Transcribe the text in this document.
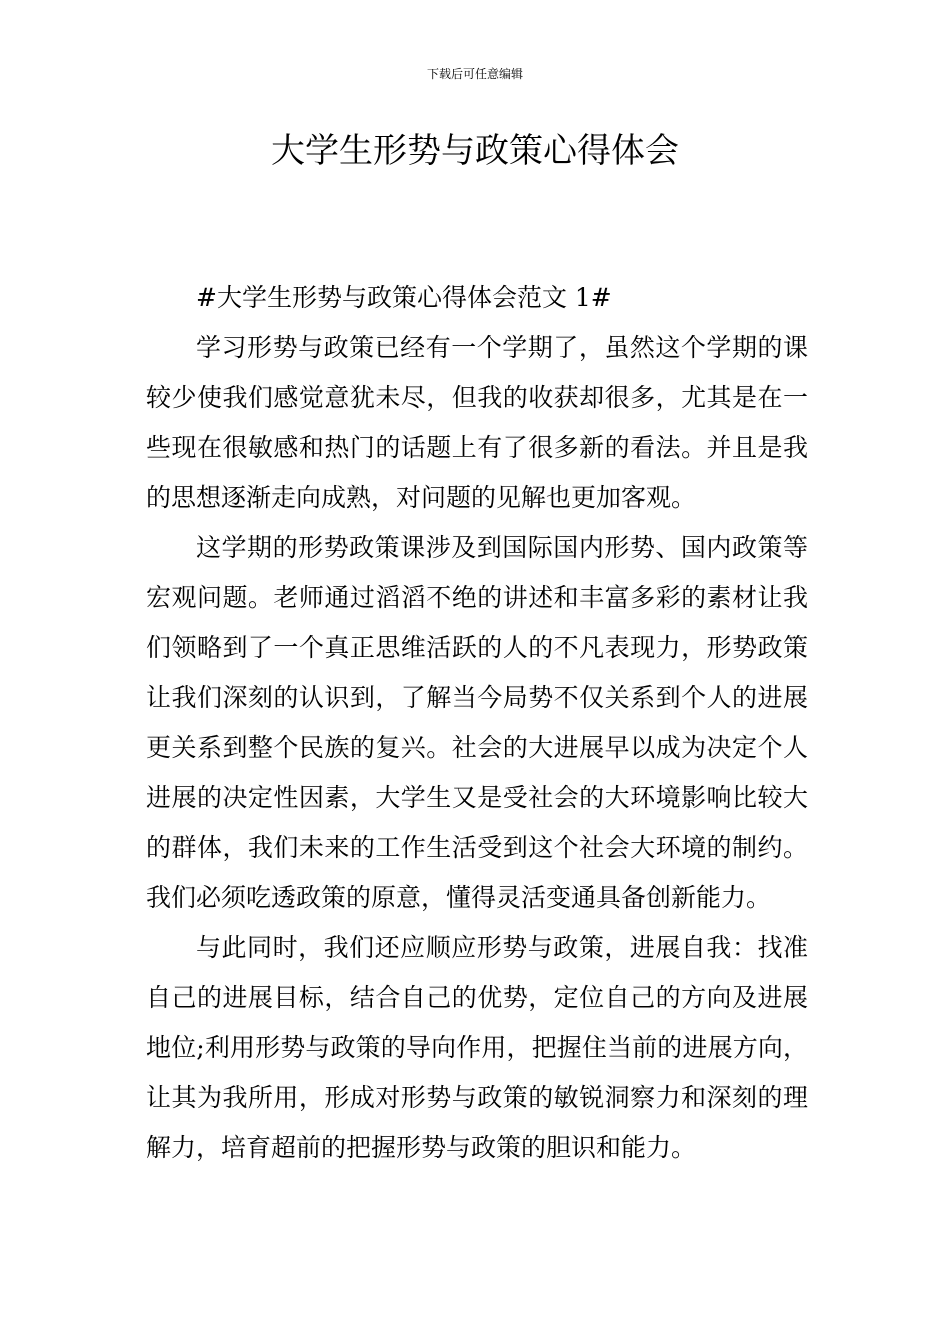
下载后可任意编辑
大学生形势与政策心得体会

#大学生形势与政策心得体会范文 1#

学习形势与政策已经有一个学期了，虽然这个学期的课较少使我们感觉意犹未尽，但我的收获却很多，尤其是在一些现在很敏感和热门的话题上有了很多新的看法。并且是我的思想逐渐走向成熟，对问题的见解也更加客观。

这学期的形势政策课涉及到国际国内形势、国内政策等宏观问题。老师通过滔滔不绝的讲述和丰富多彩的素材让我们领略到了一个真正思维活跃的人的不凡表现力，形势政策让我们深刻的认识到，了解当今局势不仅关系到个人的进展更关系到整个民族的复兴。社会的大进展早以成为决定个人进展的决定性因素，大学生又是受社会的大环境影响比较大的群体，我们未来的工作生活受到这个社会大环境的制约。我们必须吃透政策的原意，懂得灵活变通具备创新能力。

与此同时，我们还应顺应形势与政策，进展自我：找准自己的进展目标，结合自己的优势，定位自己的方向及进展地位;利用形势与政策的导向作用，把握住当前的进展方向，让其为我所用，形成对形势与政策的敏锐洞察力和深刻的理解力，培育超前的把握形势与政策的胆识和能力。
